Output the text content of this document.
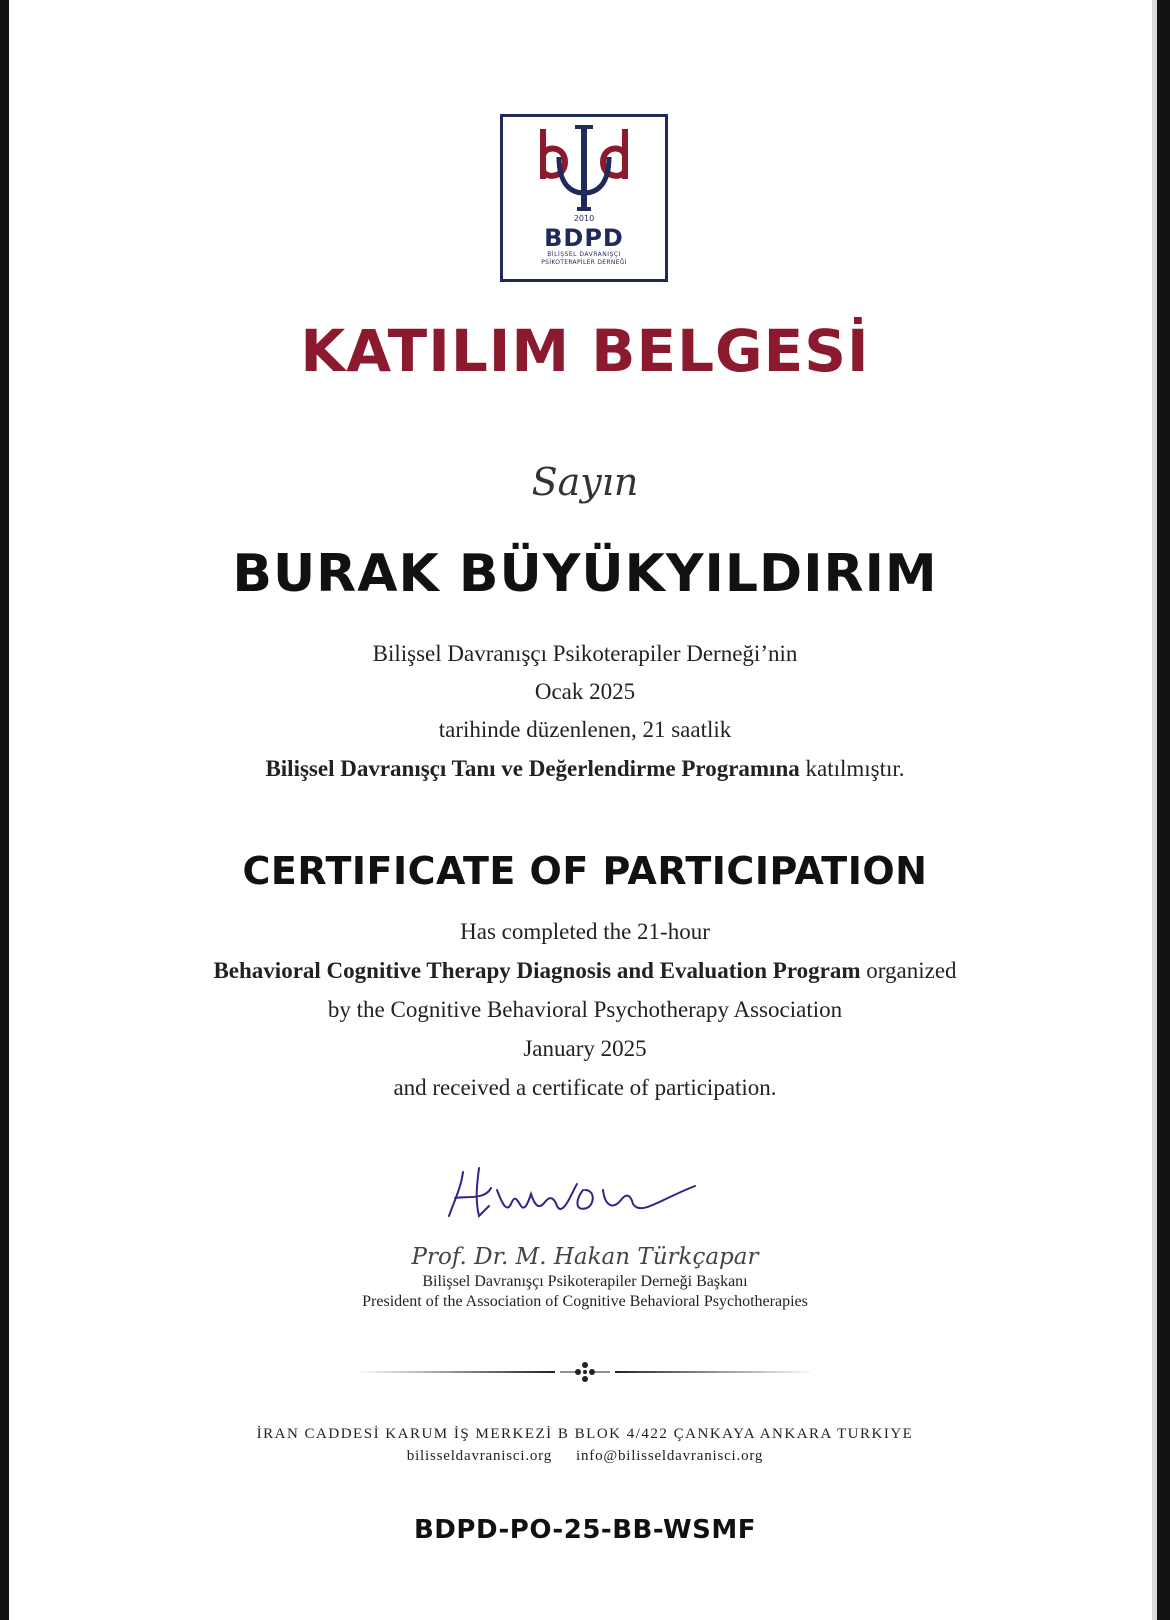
2010
BDPD
BİLİŞSEL DAVRANIŞÇI
PSİKOTERAPİLER DERNEĞİ
KATILIM BELGESİ
Sayın
BURAK BÜYÜKYILDIRIM
Bilişsel Davranışçı Psikoterapiler Derneği’nin
Ocak 2025
tarihinde düzenlenen, 21 saatlik
Bilişsel Davranışçı Tanı ve Değerlendirme Programına katılmıştır.
CERTIFICATE OF PARTICIPATION
Has completed the 21-hour
Behavioral Cognitive Therapy Diagnosis and Evaluation Program organized
by the Cognitive Behavioral Psychotherapy Association
January 2025
and received a certificate of participation.
Prof. Dr. M. Hakan Türkçapar
Bilişsel Davranışçı Psikoterapiler Derneği Başkanı
President of the Association of Cognitive Behavioral Psychotherapies
İRAN CADDESİ KARUM İŞ MERKEZİ B BLOK 4/422 ÇANKAYA ANKARA TURKIYE
bilisseldavranisci.org info@bilisseldavranisci.org
BDPD-PO-25-BB-WSMF
